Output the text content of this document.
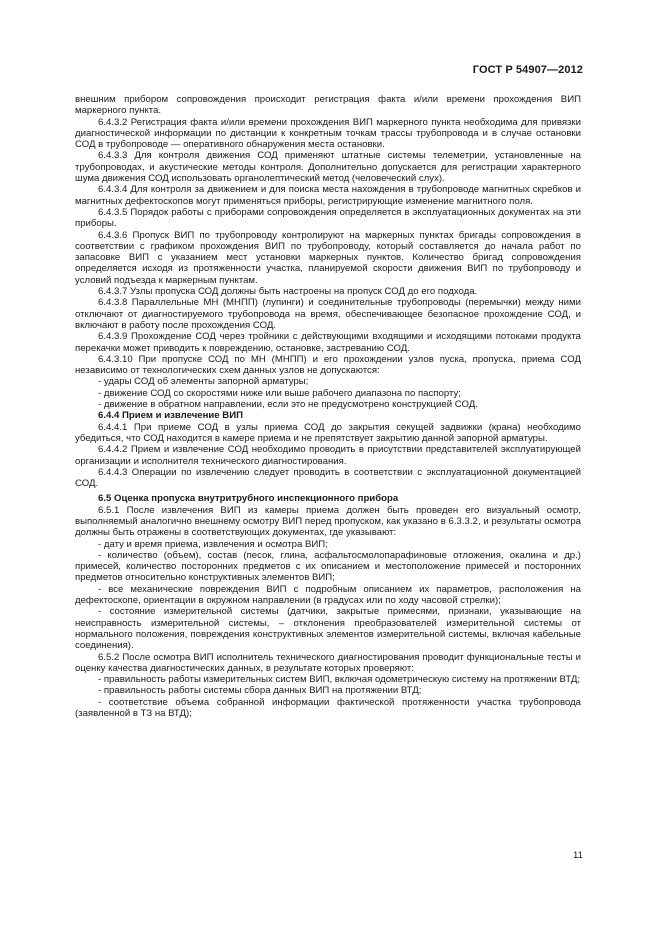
ГОСТ Р 54907—2012

внешним прибором сопровождения происходит регистрация факта и/или времени прохождения ВИП маркерного пункта.

6.4.3.2 Регистрация факта и/или времени прохождения ВИП маркерного пункта необходима для привязки диагностической информации по дистанции к конкретным точкам трассы трубопровода и в случае остановки СОД в трубопроводе — оперативного обнаружения места остановки.

6.4.3.3 Для контроля движения СОД применяют штатные системы телеметрии, установленные на трубопроводах, и акустические методы контроля. Дополнительно допускается для регистрации характерного шума движения СОД использовать органолептический метод (человеческий слух).

6.4.3.4 Для контроля за движением и для поиска места нахождения в трубопроводе магнитных скребков и магнитных дефектоскопов могут применяться приборы, регистрирующие изменение магнитного поля.

6.4.3.5 Порядок работы с приборами сопровождения определяется в эксплуатационных документах на эти приборы.

6.4.3.6 Пропуск ВИП по трубопроводу контролируют на маркерных пунктах бригады сопровождения в соответствии с графиком прохождения ВИП по трубопроводу, который составляется до начала работ по запасовке ВИП с указанием мест установки маркерных пунктов. Количество бригад сопровождения определяется исходя из протяженности участка, планируемой скорости движения ВИП по трубопроводу и условий подъезда к маркерным пунктам.

6.4.3.7 Узлы пропуска СОД должны быть настроены на пропуск СОД до его подхода.

6.4.3.8 Параллельные МН (МНПП) (лупинги) и соединительные трубопроводы (перемычки) между ними отключают от диагностируемого трубопровода на время, обеспечивающее безопасное прохождение СОД, и включают в работу после прохождения СОД.

6.4.3.9 Прохождение СОД через тройники с действующими входящими и исходящими потоками продукта перекачки может приводить к повреждению, остановке, застреванию СОД.

6.4.3.10 При пропуске СОД по МН (МНПП) и его прохождении узлов пуска, пропуска, приема СОД независимо от технологических схем данных узлов не допускаются:

- удары СОД об элементы запорной арматуры;

- движение СОД со скоростями ниже или выше рабочего диапазона по паспорту;

- движение в обратном направлении, если это не предусмотрено конструкцией СОД.

6.4.4 Прием и извлечение ВИП

6.4.4.1 При приеме СОД в узлы приема СОД до закрытия секущей задвижки (крана) необходимо убедиться, что СОД находится в камере приема и не препятствует закрытию данной запорной арматуры.

6.4.4.2 Прием и извлечение СОД необходимо проводить в присутствии представителей эксплуатирующей организации и исполнителя технического диагностирования.

6.4.4.3 Операции по извлечению следует проводить в соответствии с эксплуатационной документацией СОД.

6.5 Оценка пропуска внутритрубного инспекционного прибора

6.5.1 После извлечения ВИП из камеры приема должен быть проведен его визуальный осмотр, выполняемый аналогично внешнему осмотру ВИП перед пропуском, как указано в 6.3.3.2, и результаты осмотра должны быть отражены в соответствующих документах, где указывают:

- дату и время приема, извлечения и осмотра ВИП;

- количество (объем), состав (песок, глина, асфальтосмолопарафиновые отложения, окалина и др.) примесей, количество посторонних предметов с их описанием и местоположение примесей и посторонних предметов относительно конструктивных элементов ВИП;

- все механические повреждения ВИП с подробным описанием их параметров, расположения на дефектоскопе, ориентации в окружном направлении (в градусах или по ходу часовой стрелки);

- состояние измерительной системы (датчики, закрытые примесями, признаки, указывающие на неисправность измерительной системы, – отклонения преобразователей измерительной системы от нормального положения, повреждения конструктивных элементов измерительной системы, включая кабельные соединения).

6.5.2 После осмотра ВИП исполнитель технического диагностирования проводит функциональные тесты и оценку качества диагностических данных, в результате которых проверяют:

- правильность работы измерительных систем ВИП, включая одометрическую систему на протяжении ВТД;

- правильность работы системы сбора данных ВИП на протяжении ВТД;

- соответствие объема собранной информации фактической протяженности участка трубопровода (заявленной в ТЗ на ВТД);

11
